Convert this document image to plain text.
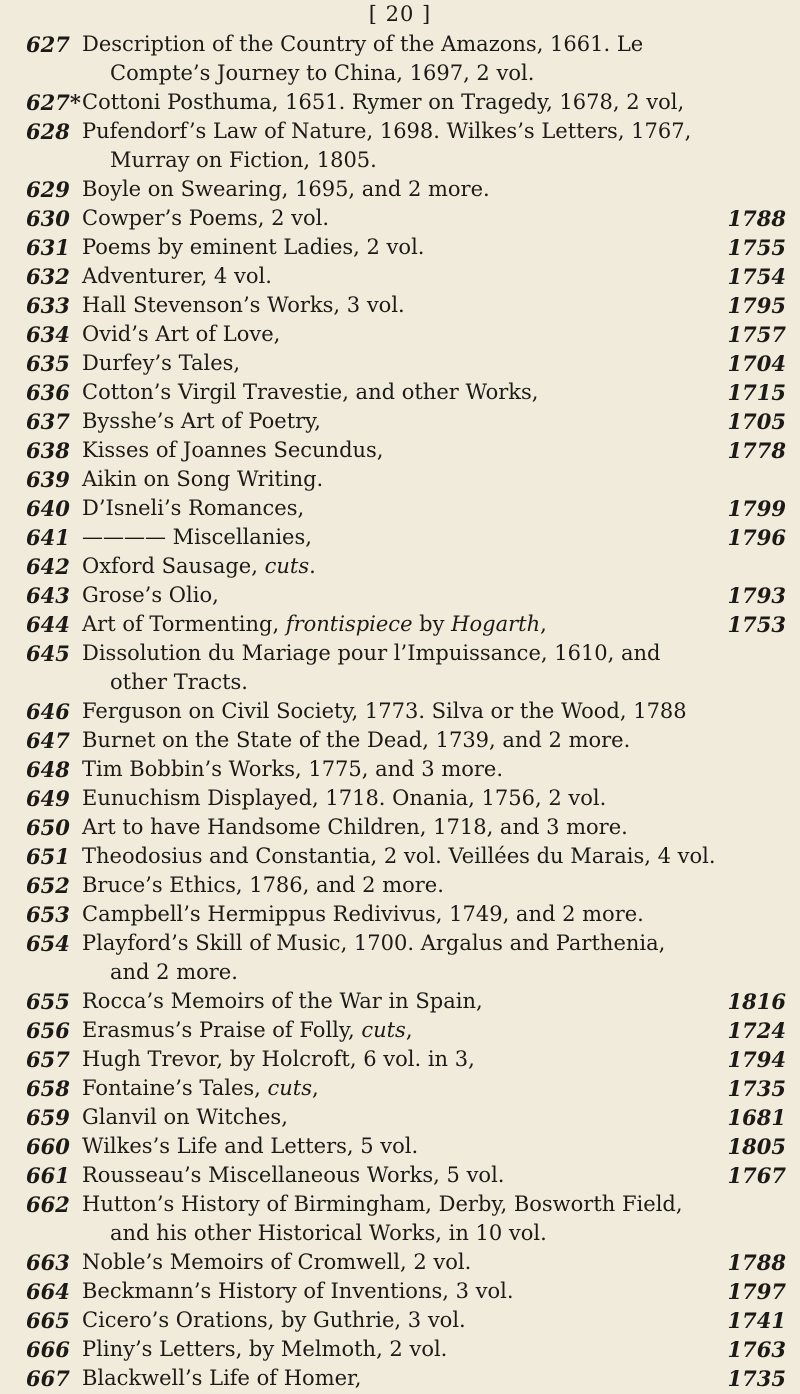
[ 20 ]
627 Description of the Country of the Amazons, 1661. Le
Compte’s Journey to China, 1697, 2 vol.
627* Cottoni Posthuma, 1651. Rymer on Tragedy, 1678, 2 vol,
628 Pufendorf’s Law of Nature, 1698. Wilkes’s Letters, 1767,
Murray on Fiction, 1805.
629 Boyle on Swearing, 1695, and 2 more.
630 Cowper’s Poems, 2 vol.	1788
631 Poems by eminent Ladies, 2 vol.	1755
632 Adventurer, 4 vol.	1754
633 Hall Stevenson’s Works, 3 vol.	1795
634 Ovid’s Art of Love,	1757
635 Durfey’s Tales,	1704
636 Cotton’s Virgil Travestie, and other Works,	1715
637 Bysshe’s Art of Poetry,	1705
638 Kisses of Joannes Secundus,	1778
639 Aikin on Song Writing.
640 D’Isneli’s Romances,	1799
641 ———— Miscellanies,	1796
642 Oxford Sausage, cuts.
643 Grose’s Olio,	1793
644 Art of Tormenting, frontispiece by Hogarth,	1753
645 Dissolution du Mariage pour l’Impuissance, 1610, and
other Tracts.
646 Ferguson on Civil Society, 1773. Silva or the Wood, 1788
647 Burnet on the State of the Dead, 1739, and 2 more.
648 Tim Bobbin’s Works, 1775, and 3 more.
649 Eunuchism Displayed, 1718. Onania, 1756, 2 vol.
650 Art to have Handsome Children, 1718, and 3 more.
651 Theodosius and Constantia, 2 vol. Veillées du Marais, 4 vol.
652 Bruce’s Ethics, 1786, and 2 more.
653 Campbell’s Hermippus Redivivus, 1749, and 2 more.
654 Playford’s Skill of Music, 1700. Argalus and Parthenia,
and 2 more.
655 Rocca’s Memoirs of the War in Spain,	1816
656 Erasmus’s Praise of Folly, cuts,	1724
657 Hugh Trevor, by Holcroft, 6 vol. in 3,	1794
658 Fontaine’s Tales, cuts,	1735
659 Glanvil on Witches,	1681
660 Wilkes’s Life and Letters, 5 vol.	1805
661 Rousseau’s Miscellaneous Works, 5 vol.	1767
662 Hutton’s History of Birmingham, Derby, Bosworth Field,
and his other Historical Works, in 10 vol.
663 Noble’s Memoirs of Cromwell, 2 vol.	1788
664 Beckmann’s History of Inventions, 3 vol.	1797
665 Cicero’s Orations, by Guthrie, 3 vol.	1741
666 Pliny’s Letters, by Melmoth, 2 vol.	1763
667 Blackwell’s Life of Homer,	1735
